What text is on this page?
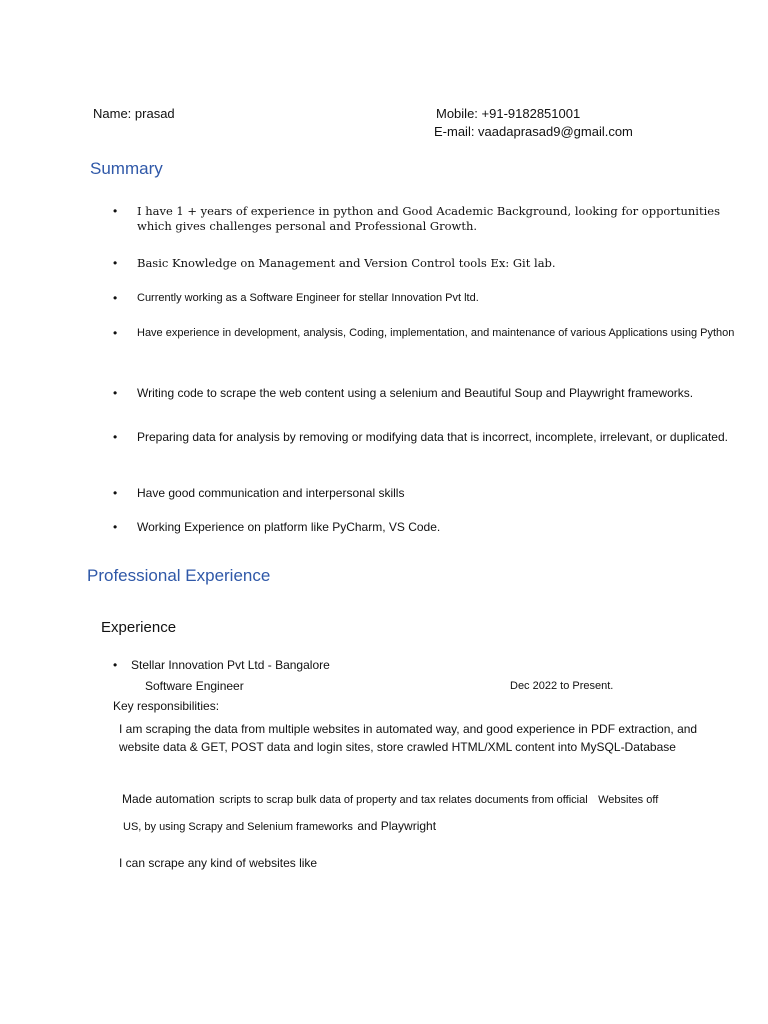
Name: prasad	Mobile: +91-9182851001
E-mail: vaadaprasad9@gmail.com
Summary
• I have 1 + years of experience in python and Good Academic Background, looking for opportunities which gives challenges personal and Professional Growth.
• Basic Knowledge on Management and Version Control tools Ex: Git lab.
• Currently working as a Software Engineer for stellar Innovation Pvt ltd.
• Have experience in development, analysis, Coding, implementation, and maintenance of various Applications using Python
• Writing code to scrape the web content using a selenium and Beautiful Soup and Playwright frameworks.
• Preparing data for analysis by removing or modifying data that is incorrect, incomplete, irrelevant, or duplicated.
• Have good communication and interpersonal skills
• Working Experience on platform like PyCharm, VS Code.
Professional Experience
Experience
• Stellar Innovation Pvt Ltd - Bangalore
Software Engineer	Dec 2022 to Present.
Key responsibilities:
I am scraping the data from multiple websites in automated way, and good experience in PDF extraction, and website data & GET, POST data and login sites, store crawled HTML/XML content into MySQL-Database
Made automation scripts to scrap bulk data of property and tax relates documents from official Websites off
US, by using Scrapy and Selenium frameworks and Playwright
I can scrape any kind of websites like
